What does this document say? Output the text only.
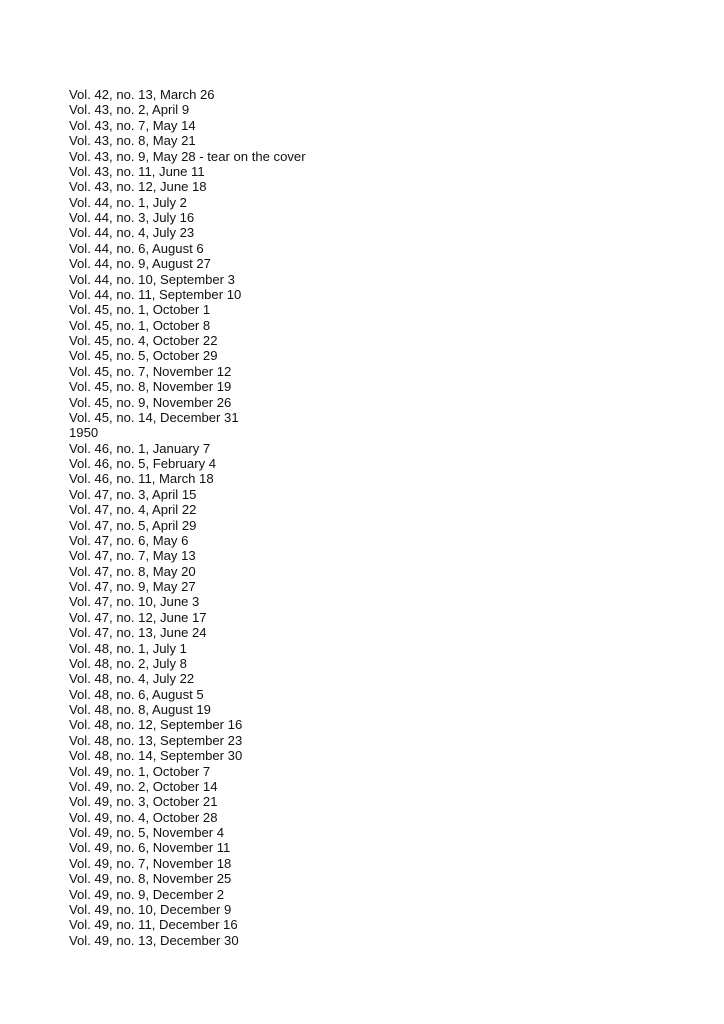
Vol. 42, no. 13, March 26
Vol. 43, no. 2, April 9
Vol. 43, no. 7, May 14
Vol. 43, no. 8, May 21
Vol. 43, no. 9, May 28 - tear on the cover
Vol. 43, no. 11, June 11
Vol. 43, no. 12, June 18
Vol. 44, no. 1, July 2
Vol. 44, no. 3, July 16
Vol. 44, no. 4, July 23
Vol. 44, no. 6, August 6
Vol. 44, no. 9, August 27
Vol. 44, no. 10, September 3
Vol. 44, no. 11, September 10
Vol. 45, no. 1, October 1
Vol. 45, no. 1, October 8
Vol. 45, no. 4, October 22
Vol. 45, no. 5, October 29
Vol. 45, no. 7, November 12
Vol. 45, no. 8, November 19
Vol. 45, no. 9, November 26
Vol. 45, no. 14, December 31
1950
Vol. 46, no. 1, January 7
Vol. 46, no. 5, February 4
Vol. 46, no. 11, March 18
Vol. 47, no. 3, April 15
Vol. 47, no. 4, April 22
Vol. 47, no. 5, April 29
Vol. 47, no. 6, May 6
Vol. 47, no. 7, May 13
Vol. 47, no. 8, May 20
Vol. 47, no. 9, May 27
Vol. 47, no. 10, June 3
Vol. 47, no. 12, June 17
Vol. 47, no. 13, June 24
Vol. 48, no. 1, July 1
Vol. 48, no. 2, July 8
Vol. 48, no. 4, July 22
Vol. 48, no. 6, August 5
Vol. 48, no. 8, August 19
Vol. 48, no. 12, September 16
Vol. 48, no. 13, September 23
Vol. 48, no. 14, September 30
Vol. 49, no. 1, October 7
Vol. 49, no. 2, October 14
Vol. 49, no. 3, October 21
Vol. 49, no. 4, October 28
Vol. 49, no. 5, November 4
Vol. 49, no. 6, November 11
Vol. 49, no. 7, November 18
Vol. 49, no. 8, November 25
Vol. 49, no. 9, December 2
Vol. 49, no. 10, December 9
Vol. 49, no. 11, December 16
Vol. 49, no. 13, December 30
